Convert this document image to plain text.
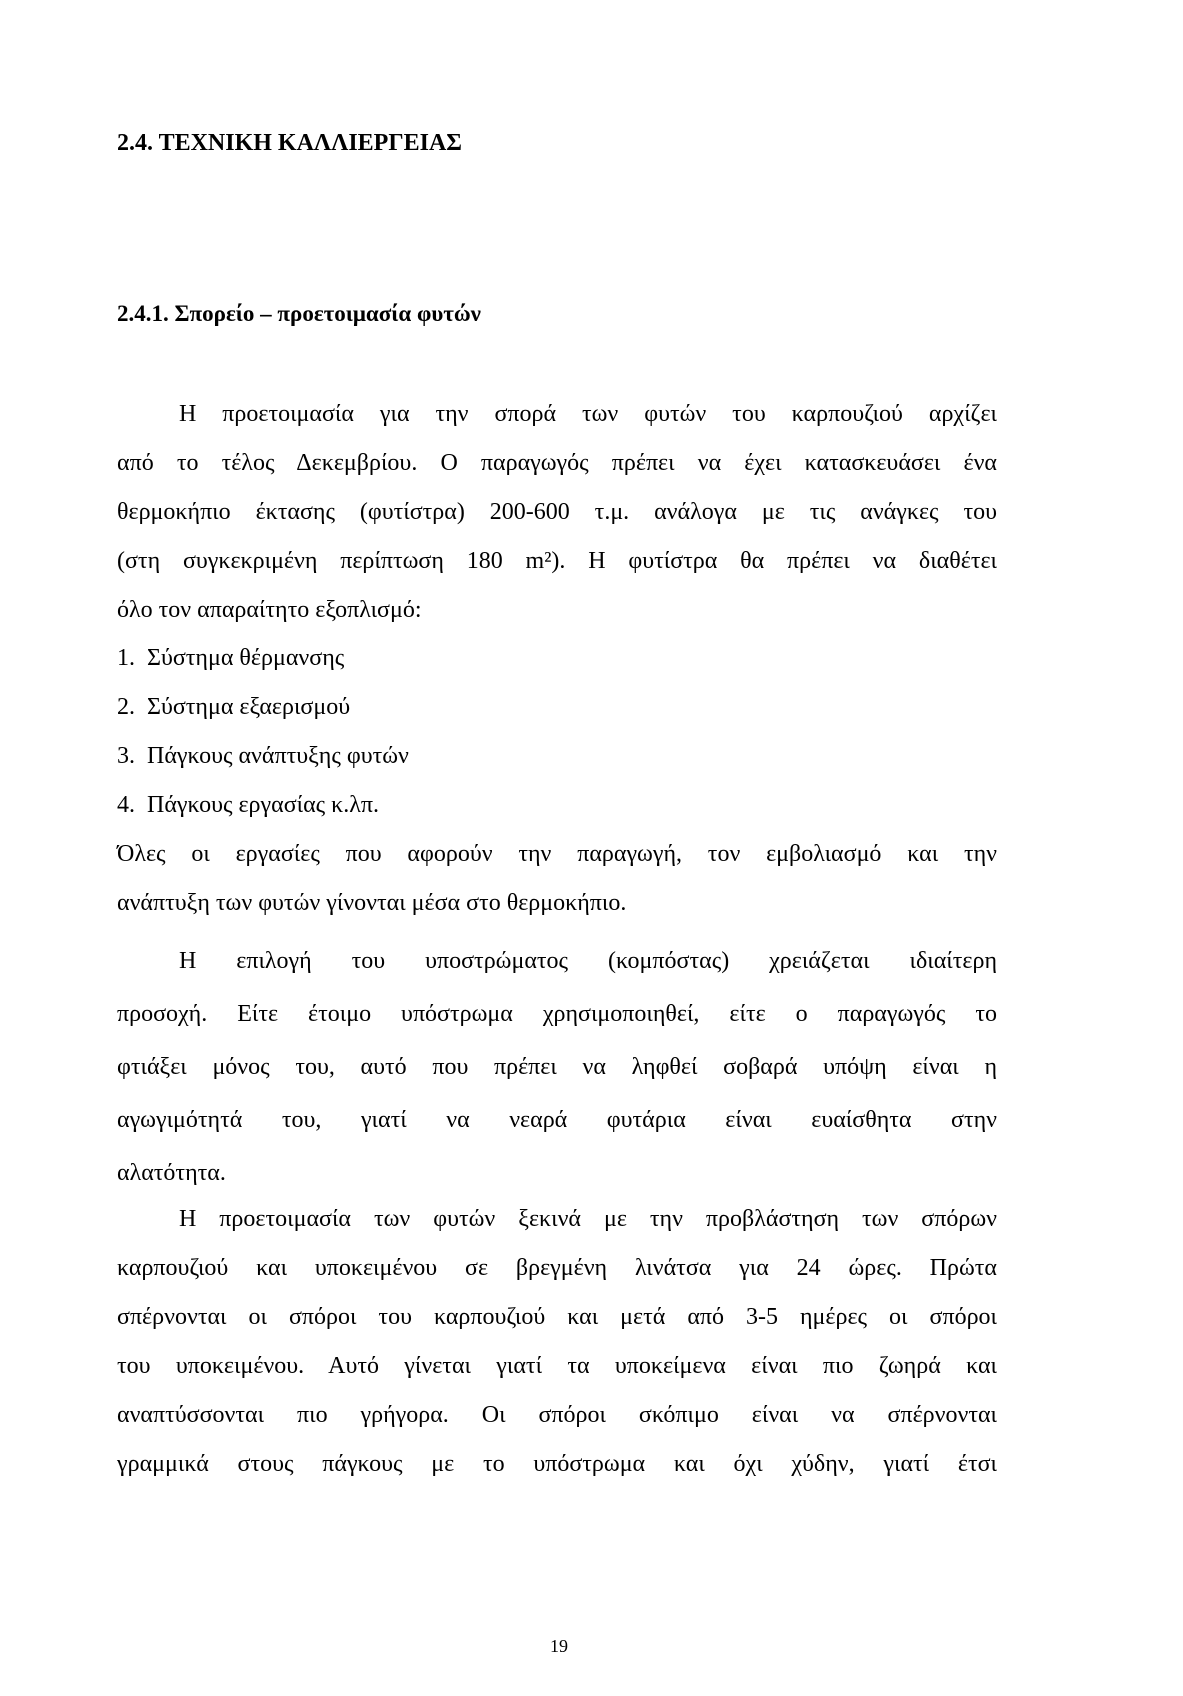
2.4. ΤΕΧΝΙΚΗ ΚΑΛΛΙΕΡΓΕΙΑΣ
2.4.1. Σπορείο – προετοιμασία φυτών
Η προετοιμασία για την σπορά των φυτών του καρπουζιού αρχίζει
από το τέλος Δεκεμβρίου. Ο παραγωγός πρέπει να έχει κατασκευάσει ένα
θερμοκήπιο έκτασης (φυτίστρα) 200-600 τ.μ. ανάλογα με τις ανάγκες του
(στη συγκεκριμένη περίπτωση 180 m²). Η φυτίστρα θα πρέπει να διαθέτει
όλο τον απαραίτητο εξοπλισμό:
1. Σύστημα θέρμανσης
2. Σύστημα εξαερισμού
3. Πάγκους ανάπτυξης φυτών
4. Πάγκους εργασίας κ.λπ.
Όλες οι εργασίες που αφορούν την παραγωγή, τον εμβολιασμό και την
ανάπτυξη των φυτών γίνονται μέσα στο θερμοκήπιο.
Η επιλογή του υποστρώματος (κομπόστας) χρειάζεται ιδιαίτερη
προσοχή. Είτε έτοιμο υπόστρωμα χρησιμοποιηθεί, είτε ο παραγωγός το
φτιάξει μόνος του, αυτό που πρέπει να ληφθεί σοβαρά υπόψη είναι η
αγωγιμότητά του, γιατί να νεαρά φυτάρια είναι ευαίσθητα στην
αλατότητα.
Η προετοιμασία των φυτών ξεκινά με την προβλάστηση των σπόρων
καρπουζιού και υποκειμένου σε βρεγμένη λινάτσα για 24 ώρες. Πρώτα
σπέρνονται οι σπόροι του καρπουζιού και μετά από 3-5 ημέρες οι σπόροι
του υποκειμένου. Αυτό γίνεται γιατί τα υποκείμενα είναι πιο ζωηρά και
αναπτύσσονται πιο γρήγορα. Οι σπόροι σκόπιμο είναι να σπέρνονται
γραμμικά στους πάγκους με το υπόστρωμα και όχι χύδην, γιατί έτσι
19
